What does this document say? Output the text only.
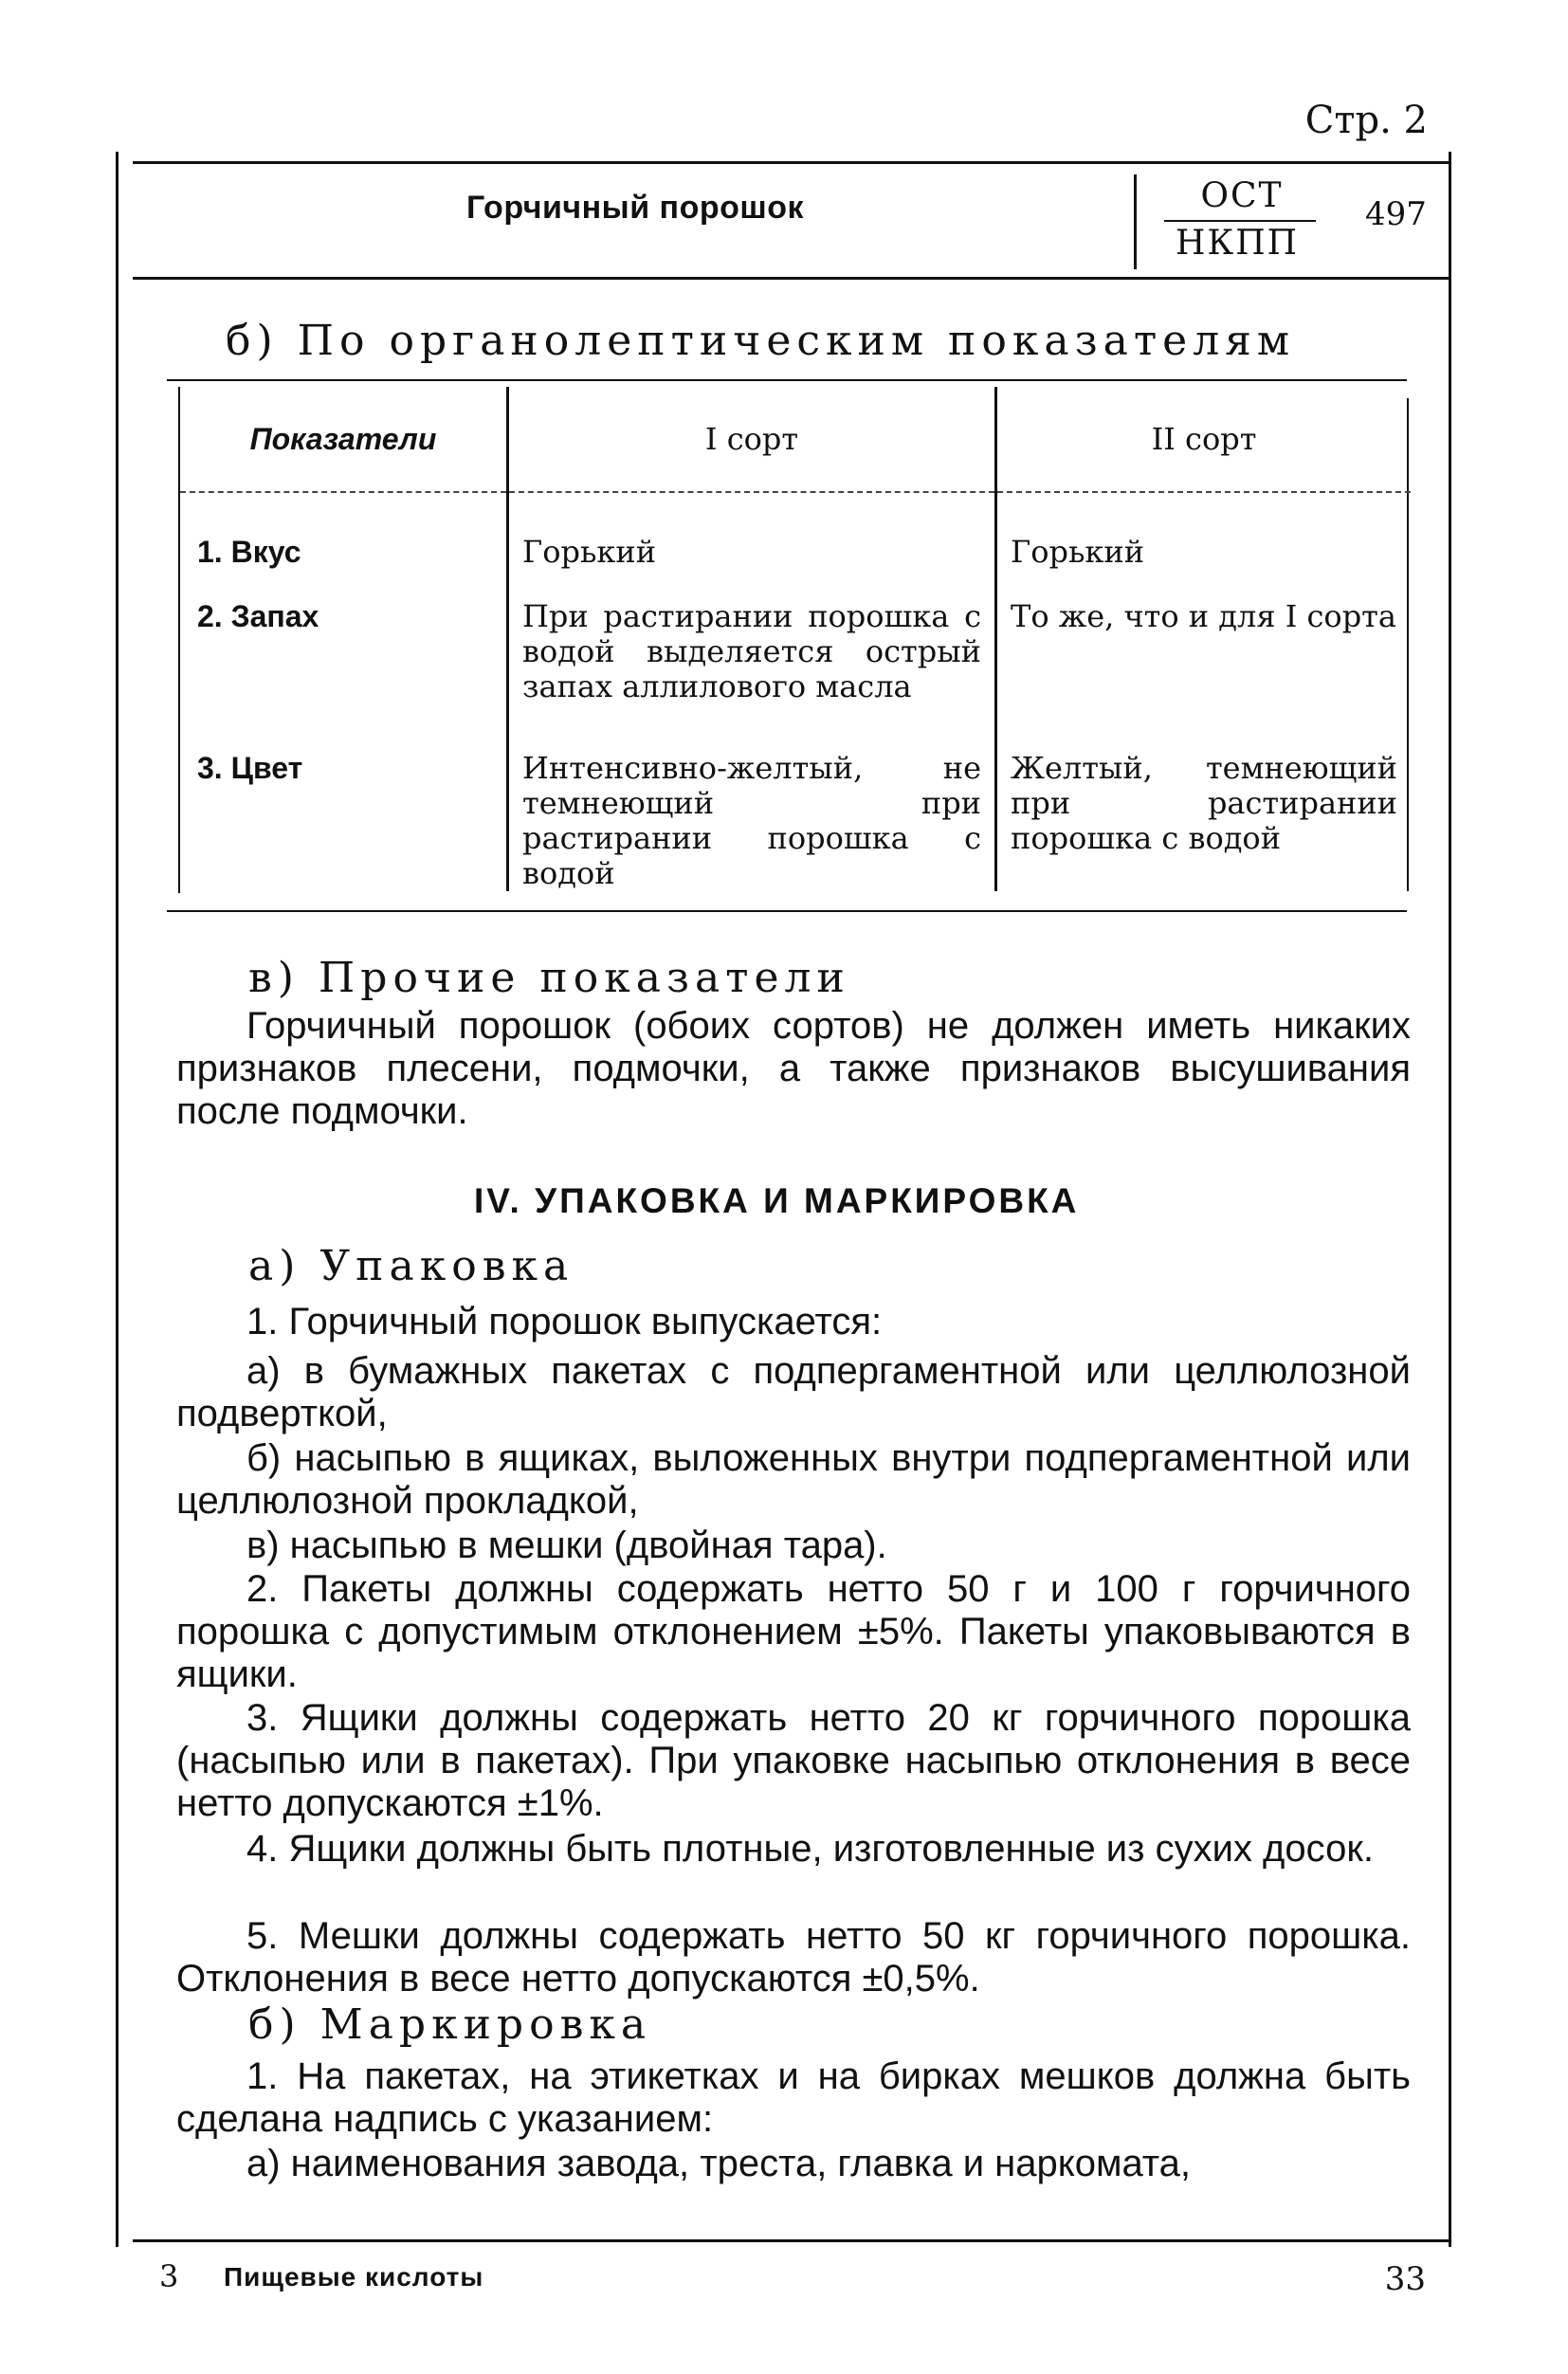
Стр. 2
Горчичный порошок	ОСТ
НКПП
497
б) По органолептическим показателям
Показатели	I сорт	II сорт
1. Вкус	Горький	Горький
2. Запах	При растирании порошка с водой выделяется острый запах аллилового масла	То же, что и для I сорта
3. Цвет	Интенсивно-желтый, не темнеющий при растирании порошка с водой	Желтый, темнеющий при растирании порошка с водой
в) Прочие показатели
Горчичный порошок (обоих сортов) не должен иметь никаких признаков плесени, подмочки, а также признаков высушивания после подмочки.
IV. УПАКОВКА И МАРКИРОВКА
а) Упаковка
1. Горчичный порошок выпускается:
а) в бумажных пакетах с подпергаментной или целлюлозной подверткой,
б) насыпью в ящиках, выложенных внутри подпергаментной или целлюлозной прокладкой,
в) насыпью в мешки (двойная тара).
2. Пакеты должны содержать нетто 50 г и 100 г горчичного порошка с допустимым отклонением ±5%. Пакеты упаковываются в ящики.
3. Ящики должны содержать нетто 20 кг горчичного порошка (насыпью или в пакетах). При упаковке насыпью отклонения в весе нетто допускаются ±1%.
4. Ящики должны быть плотные, изготовленные из сухих досок.
5. Мешки должны содержать нетто 50 кг горчичного порошка. Отклонения в весе нетто допускаются ±0,5%.
б) Маркировка
1. На пакетах, на этикетках и на бирках мешков должна быть сделана надпись с указанием:
а) наименования завода, треста, главка и наркомата,
3 Пищевые кислоты	33
